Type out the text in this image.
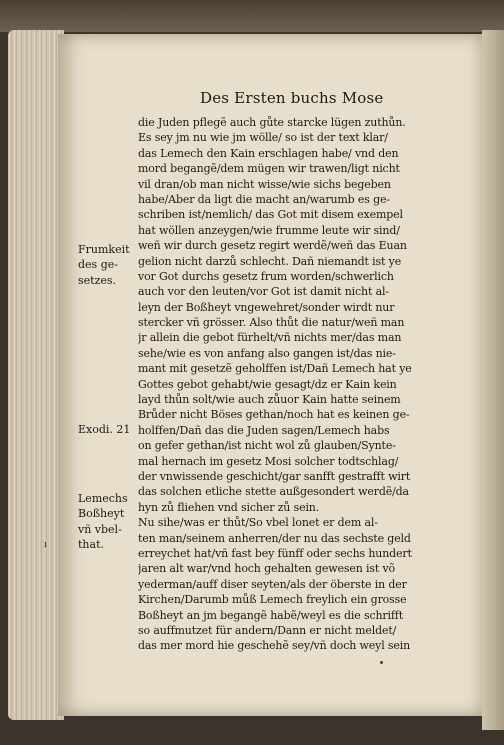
ı
Des Ersten buchs Mose
die Juden pflegẽ auch gůte starcke lügen zuthůn.
Es sey jm nu wie jm wölle/ so ist der text klar/
das Lemech den Kain erschlagen habe/ vnd den
mord begangẽ/dem mügen wir trawen/ligt nicht
vil dran/ob man nicht wisse/wie sichs begeben
habe/Aber da ligt die macht an/warumb es ge-
schriben ist/nemlich/ das Got mit disem exempel
hat wöllen anzeygen/wie frumme leute wir sind/
weñ wir durch gesetz regirt werdẽ/weñ das Euan
gelion nicht darzů schlecht. Dañ niemandt ist ye
vor Got durchs gesetz frum worden/schwerlich
auch vor den leuten/vor Got ist damit nicht al-
leyn der Boßheyt vngewehret/sonder wirdt nur
stercker vñ grösser. Also thůt die natur/weñ man
jr allein die gebot fürhelt/vñ nichts mer/das man
sehe/wie es von anfang also gangen ist/das nie-
mant mit gesetzẽ geholffen ist/Dañ Lemech hat ye
Gottes gebot gehabt/wie gesagt/dz er Kain kein
layd thůn solt/wie auch zůuor Kain hatte seinem
Brůder nicht Böses gethan/noch hat es keinen ge-
holffen/Dañ das die Juden sagen/Lemech habs
on gefer gethan/ist nicht wol zů glauben/Synte-
mal hernach im gesetz Mosi solcher todtschlag/
der vnwissende geschicht/gar sanfft gestrafft wirt
das solchen etliche stette außgesondert werdẽ/da
hyn zů fliehen vnd sicher zů sein.
Nu sihe/was er thůt/So vbel lonet er dem al-
ten man/seinem anherren/der nu das sechste geld
erreychet hat/vñ fast bey fünff oder sechs hundert
jaren alt war/vnd hoch gehalten gewesen ist võ
yederman/auff diser seyten/als der öberste in der
Kirchen/Darumb můß Lemech freylich ein grosse
Boßheyt an jm begangẽ habẽ/weyl es die schrifft
so auffmutzet für andern/Dann er nicht meldet/
das mer mord hie geschehẽ sey/vñ doch weyl sein
Frumkeit
des ge-
setzes.
Exodi. 21
Lemechs
Boßheyt
vñ vbel-
that.
